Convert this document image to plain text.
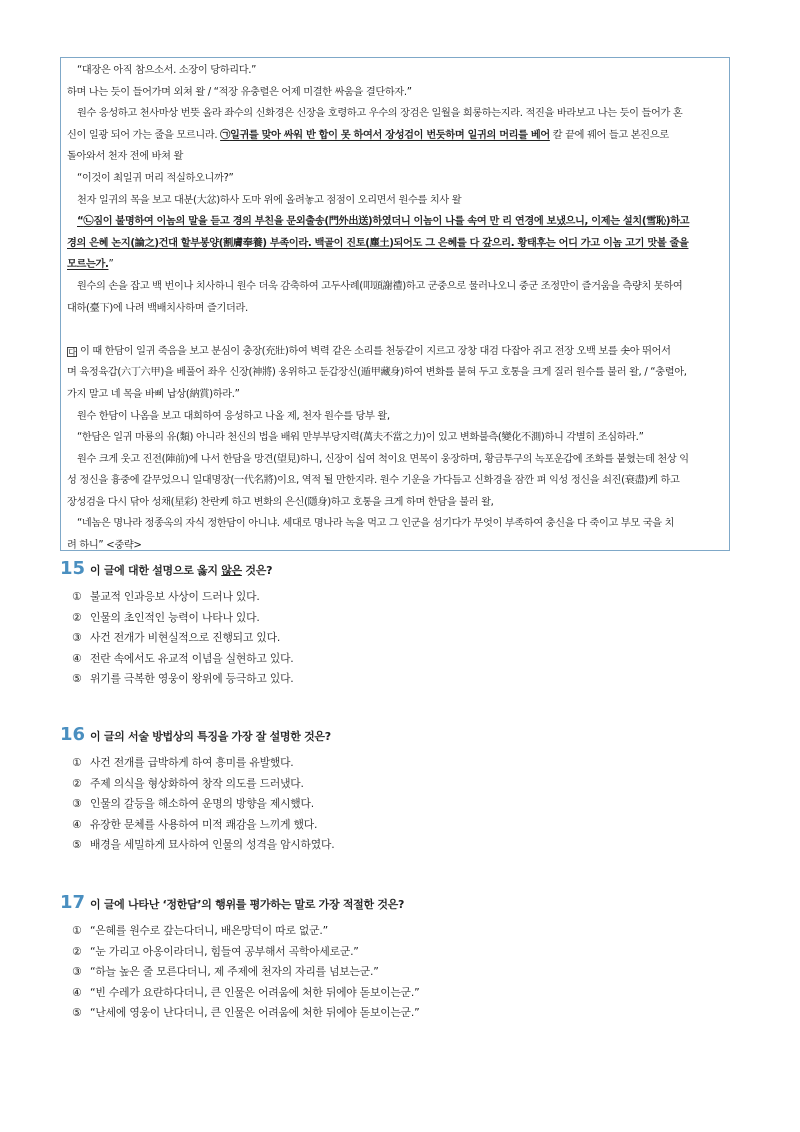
“대장은 아직 참으소서. 소장이 당하리다.”
하며 나는 듯이 들어가며 외쳐 왈 / “적장 유충렬은 어제 미결한 싸움을 결단하자.”
원수 응성하고 천사마상 번뜻 올라 좌수의 신화경은 신장을 호령하고 우수의 장검은 일월을 희롱하는지라. 적진을 바라보고 나는 듯이 들어가 혼
신이 일광 되어 가는 줄을 모르니라. ㉠일귀를 맞아 싸워 반 합이 못 하여서 장성검이 번듯하며 일귀의 머리를 베어 칼 끝에 꿰어 들고 본진으로
돌아와서 천자 전에 바쳐 왈
“이것이 최일귀 머리 적실하오니까?”
천자 일귀의 목을 보고 대분(大忿)하사 도마 위에 올려놓고 점점이 오리면서 원수를 치사 왈
“㉡짐이 불명하여 이놈의 말을 듣고 경의 부친을 문외출송(門外出送)하였더니 이놈이 나를 속여 만 리 연경에 보냈으니, 이제는 설치(雪恥)하고
경의 은혜 논지(論之)건대 할부봉양(割膚奉養) 부족이라. 백골이 진토(塵土)되어도 그 은혜를 다 갚으리. 황태후는 어디 가고 이놈 고기 맛볼 줄을
모르는가.”
원수의 손을 잡고 백 번이나 치사하니 원수 더욱 감축하여 고두사례(叩頭謝禮)하고 군중으로 물러나오니 중군 조정만이 즐거움을 측량치 못하여
대하(臺下)에 나려 백배치사하며 즐기더라.
다 이 때 한담이 일귀 죽음을 보고 분심이 충장(充壯)하여 벽력 같은 소리를 천둥같이 지르고 장창 대검 다잡아 쥐고 전장 오백 보를 솟아 뛰어서
며 육정육갑(六丁六甲)을 베풀어 좌우 신장(神將) 옹위하고 둔갑장신(遁甲藏身)하여 변화를 붙혀 두고 호통을 크게 질러 원수를 불러 왈, / “충렬아,
가지 말고 네 목을 바삐 납상(納賞)하라.”
원수 한담이 나옴을 보고 대희하여 응성하고 나올 제, 천자 원수를 당부 왈,
“한담은 일귀 마룡의 유(類) 아니라 천신의 법을 배워 만부부당지력(萬夫不當之力)이 있고 변화불측(變化不測)하니 각별히 조심하라.”
원수 크게 웃고 진전(陣前)에 나서 한담을 망견(望見)하니, 신장이 십여 척이요 면목이 웅장하며, 황금투구의 녹포운갑에 조화를 붙혔는데 천상 익
성 정신을 흉중에 갈무었으니 일대명장(一代名將)이요, 역적 될 만한지라. 원수 기운을 가다듬고 신화경을 잠깐 펴 익성 정신을 쇠진(衰盡)케 하고
장성검을 다시 닦아 성채(星彩) 찬란케 하고 변화의 은신(隱身)하고 호통을 크게 하며 한담을 불러 왈,
“네놈은 명나라 정종옥의 자식 정한담이 아니냐. 세대로 명나라 녹을 먹고 그 인군을 섬기다가 무엇이 부족하여 충신을 다 죽이고 부모 국을 치
려 하니” <중략>
15 이 글에 대한 설명으로 옳지 않은 것은?
① 불교적 인과응보 사상이 드러나 있다.
② 인물의 초인적인 능력이 나타나 있다.
③ 사건 전개가 비현실적으로 진행되고 있다.
④ 전란 속에서도 유교적 이념을 실현하고 있다.
⑤ 위기를 극복한 영웅이 왕위에 등극하고 있다.
16 이 글의 서술 방법상의 특징을 가장 잘 설명한 것은?
① 사건 전개를 급박하게 하여 흥미를 유발했다.
② 주제 의식을 형상화하여 창작 의도를 드러냈다.
③ 인물의 갈등을 해소하여 운명의 방향을 제시했다.
④ 유장한 문체를 사용하여 미적 쾌감을 느끼게 했다.
⑤ 배경을 세밀하게 묘사하여 인물의 성격을 암시하였다.
17 이 글에 나타난 ‘정한담’의 행위를 평가하는 말로 가장 적절한 것은?
① “은혜를 원수로 갚는다더니, 배은망덕이 따로 없군.”
② “눈 가리고 아옹이라더니, 힘들여 공부해서 곡학아세로군.”
③ “하늘 높은 줄 모른다더니, 제 주제에 천자의 자리를 넘보는군.”
④ “빈 수레가 요란하다더니, 큰 인물은 어려움에 처한 뒤에야 돋보이는군.”
⑤ “난세에 영웅이 난다더니, 큰 인물은 어려움에 처한 뒤에야 돋보이는군.”
